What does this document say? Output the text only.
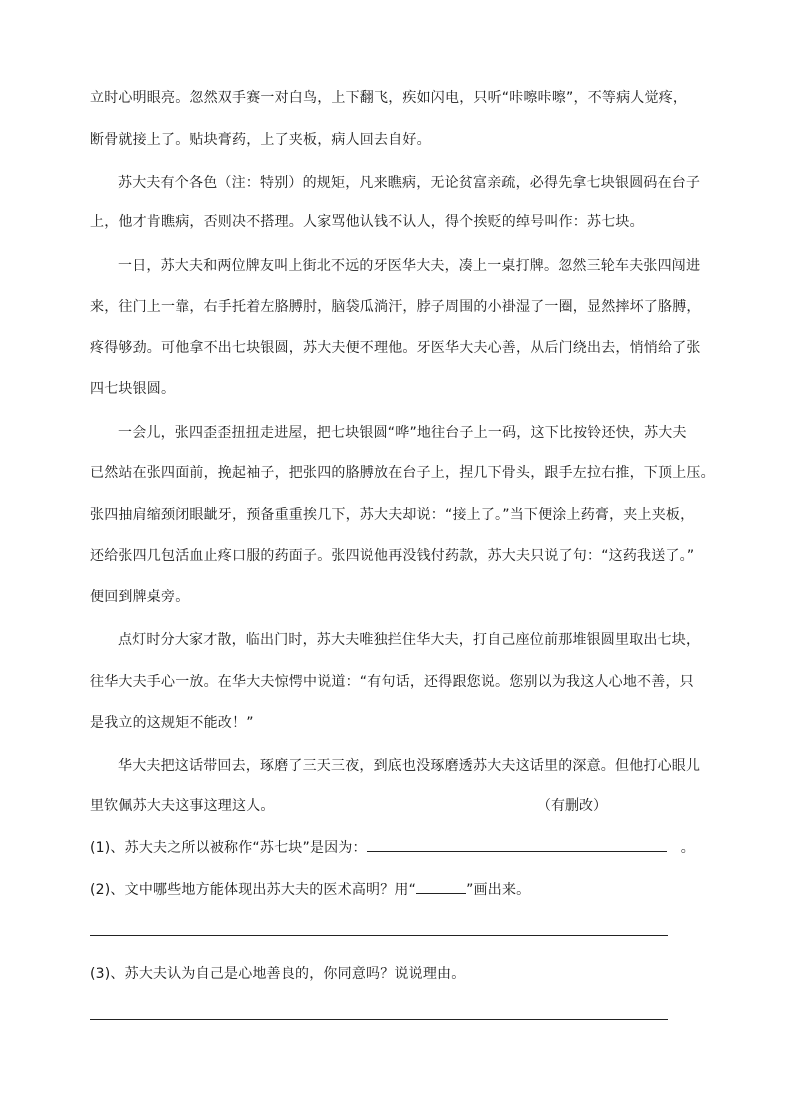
立时心明眼亮。忽然双手赛一对白鸟，上下翻飞，疾如闪电，只听“咔嚓咔嚓”，不等病人觉疼，
断骨就接上了。贴块膏药，上了夹板，病人回去自好。
苏大夫有个各色（注：特别）的规矩，凡来瞧病，无论贫富亲疏，必得先拿七块银圆码在台子
上，他才肯瞧病，否则决不搭理。人家骂他认钱不认人，得个挨贬的绰号叫作：苏七块。
一日，苏大夫和两位牌友叫上街北不远的牙医华大夫，凑上一桌打牌。忽然三轮车夫张四闯进
来，往门上一靠，右手托着左胳膊肘，脑袋瓜淌汗，脖子周围的小褂湿了一圈，显然摔坏了胳膊，
疼得够劲。可他拿不出七块银圆，苏大夫便不理他。牙医华大夫心善，从后门绕出去，悄悄给了张
四七块银圆。
一会儿，张四歪歪扭扭走进屋，把七块银圆“哗”地往台子上一码，这下比按铃还快，苏大夫
已然站在张四面前，挽起袖子，把张四的胳膊放在台子上，捏几下骨头，跟手左拉右推，下顶上压。
张四抽肩缩颈闭眼龇牙，预备重重挨几下，苏大夫却说：“接上了。”当下便涂上药膏，夹上夹板，
还给张四几包活血止疼口服的药面子。张四说他再没钱付药款，苏大夫只说了句：“这药我送了。”
便回到牌桌旁。
点灯时分大家才散，临出门时，苏大夫唯独拦住华大夫，打自己座位前那堆银圆里取出七块，
往华大夫手心一放。在华大夫惊愕中说道：“有句话，还得跟您说。您别以为我这人心地不善，只
是我立的这规矩不能改！”
华大夫把这话带回去，琢磨了三天三夜，到底也没琢磨透苏大夫这话里的深意。但他打心眼儿
里钦佩苏大夫这事这理这人。	（有删改）
(1)、苏大夫之所以被称作“苏七块”是因为：	。
(2)、文中哪些地方能体现出苏大夫的医术高明？用“	”画出来。
(3)、苏大夫认为自己是心地善良的，你同意吗？说说理由。
